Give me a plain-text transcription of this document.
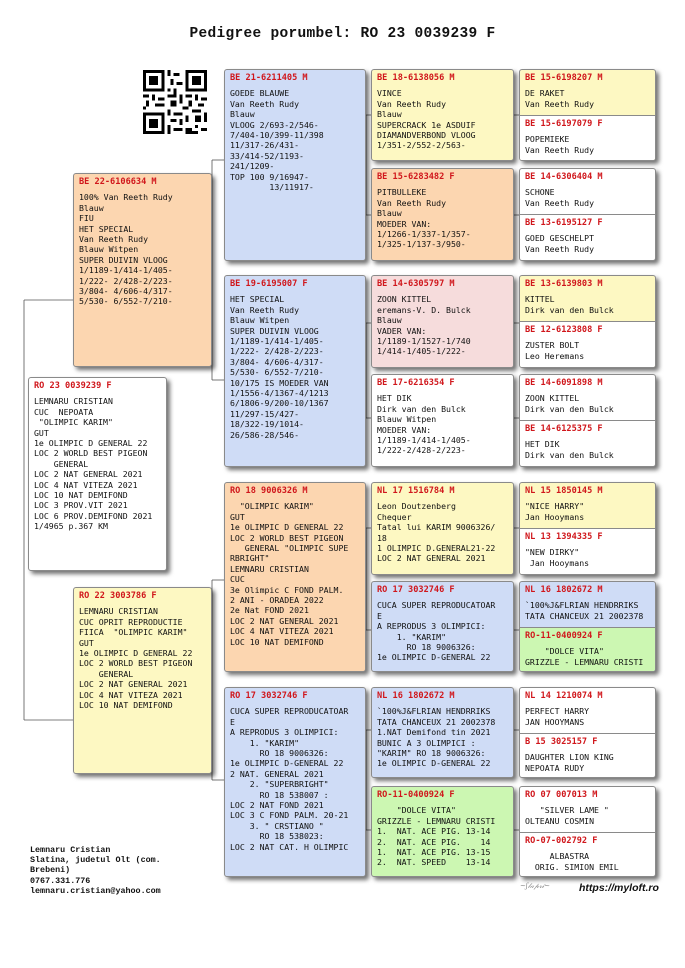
Pedigree porumbel: RO 23 0039239 F
RO 23 0039239 F
LEMNARU CRISTIAN
CUC  NEPOATA
"OLIMPIC KARIM"
GUT
1e OLIMPIC D GENERAL 22
LOC 2 WORLD BEST PIGEON
GENERAL
LOC 2 NAT GENERAL 2021
LOC 4 NAT VITEZA 2021
LOC 10 NAT DEMIFOND
LOC 3 PROV.VIT 2021
LOC 6 PROV.DEMIFOND 2021
1/4965 p.367 KM
BE 22-6106634 M
100% Van Reeth Rudy
Blauw
FIU
HET SPECIAL
Van Reeth Rudy
Blauw Witpen
SUPER DUIVIN VLOOG
1/1189-1/414-1/405-
1/222- 2/428-2/223-
3/804- 4/606-4/317-
5/530- 6/552-7/210-
RO 22 3003786 F
LEMNARU CRISTIAN
CUC OPRIT REPRODUCTIE
FIICA  "OLIMPIC KARIM"
GUT
1e OLIMPIC D GENERAL 22
LOC 2 WORLD BEST PIGEON
GENERAL
LOC 2 NAT GENERAL 2021
LOC 4 NAT VITEZA 2021
LOC 10 NAT DEMIFOND
BE 21-6211405 M
GOEDE BLAUWE
Van Reeth Rudy
Blauw
VLOOG 2/693-2/546-
7/404-10/399-11/398
11/317-26/431-
33/414-52/1193-
241/1209-
TOP 100 9/16947-
13/11917-
BE 19-6195007 F
HET SPECIAL
Van Reeth Rudy
Blauw Witpen
SUPER DUIVIN VLOOG
1/1189-1/414-1/405-
1/222- 2/428-2/223-
3/804- 4/606-4/317-
5/530- 6/552-7/210-
10/175 IS MOEDER VAN
1/1556-4/1367-4/1213
6/1806-9/200-10/1367
11/297-15/427-
18/322-19/1014-
26/586-28/546-
RO 18 9006326 M
"OLIMPIC KARIM"
GUT
1e OLIMPIC D GENERAL 22
LOC 2 WORLD BEST PIGEON
GENERAL "OLIMPIC SUPE
RBRIGHT"
LEMNARU CRISTIAN
CUC
3e Olimpic C FOND PALM.
2 ANI - ORADEA 2022
2e Nat FOND 2021
LOC 2 NAT GENERAL 2021
LOC 4 NAT VITEZA 2021
LOC 10 NAT DEMIFOND
RO 17 3032746 F
CUCA SUPER REPRODUCATOAR
E
A REPRODUS 3 OLIMPICI:
1. "KARIM"
RO 18 9006326:
1e OLIMPIC D-GENERAL 22
2 NAT. GENERAL 2021
2. "SUPERBRIGHT"
RO 18 538007 :
LOC 2 NAT FOND 2021
LOC 3 C FOND PALM. 20-21
3. " CRSTIANO "
RO 18 538023:
LOC 2 NAT CAT. H OLIMPIC
BE 18-6138056 M
VINCE
Van Reeth Rudy
Blauw
SUPERCRACK 1e ASDUIF
DIAMANDVERBOND VLOOG
1/351-2/552-2/563-
BE 15-6283482 F
PITBULLEKE
Van Reeth Rudy
Blauw
MOEDER VAN:
1/1266-1/337-1/357-
1/325-1/137-3/950-
BE 14-6305797 M
ZOON KITTEL
eremans-V. D. Bulck
Blauw
VADER VAN:
1/1189-1/1527-1/740
1/414-1/405-1/222-
BE 17-6216354 F
HET DIK
Dirk van den Bulck
Blauw Witpen
MOEDER VAN:
1/1189-1/414-1/405-
1/222-2/428-2/223-
NL 17 1516784 M
Leon Doutzenberg
Chequer
Tatal lui KARIM 9006326/
18
1 OLIMPIC D.GENERAL21-22
LOC 2 NAT GENERAL 2021
RO 17 3032746 F
CUCA SUPER REPRODUCATOAR
E
A REPRODUS 3 OLIMPICI:
1. "KARIM"
RO 18 9006326:
1e OLIMPIC D-GENERAL 22
NL 16 1802672 M
`100%J&FLRIAN HENDRRIKS
TATA CHANCEUX 21 2002378
1.NAT Demifond tin 2021
BUNIC A 3 OLIMPICI :
"KARIM" RO 18 9006326:
1e OLIMPIC D-GENERAL 22
RO-11-0400924 F
"DOLCE VITA"
GRIZZLE - LEMNARU CRISTI
1.  NAT. ACE PIG. 13-14
2.  NAT. ACE PIG.    14
1.  NAT. ACE PIG. 13-15
2.  NAT. SPEED    13-14
BE 15-6198207 M
DE RAKET
Van Reeth Rudy
BE 15-6197079 F
POPEMIEKE
Van Reeth Rudy
BE 14-6306404 M
SCHONE
Van Reeth Rudy
BE 13-6195127 F
GOED GESCHELPT
Van Reeth Rudy
BE 13-6139803 M
KITTEL
Dirk van den Bulck
BE 12-6123808 F
ZUSTER BOLT
Leo Heremans
BE 14-6091898 M
ZOON KITTEL
Dirk van den Bulck
BE 14-6125375 F
HET DIK
Dirk van den Bulck
NL 15 1850145 M
"NICE HARRY"
Jan Hooymans
NL 13 1394335 F
"NEW DIRKY"
Jan Hooymans
NL 16 1802672 M
`100%J&FLRIAN HENDRRIKS
TATA CHANCEUX 21 2002378
RO-11-0400924 F
"DOLCE VITA"
GRIZZLE - LEMNARU CRISTI
NL 14 1210074 M
PERFECT HARRY
JAN HOOYMANS
B 15 3025157 F
DAUGHTER LION KING
NEPOATA RUDY
RO 07 007013 M
"SILVER LAME "
OLTEANU COSMIN
RO-07-002792 F
ALBASTRA
ORIG. SIMION EMIL
Lemnaru Cristian
Slatina, judetul Olt (com.
Brebeni)
0767.331.776
lemnaru.cristian@yahoo.com	~ʃ𝓁𝒶𝓅𝓇𝒾~	https://myloft.ro
